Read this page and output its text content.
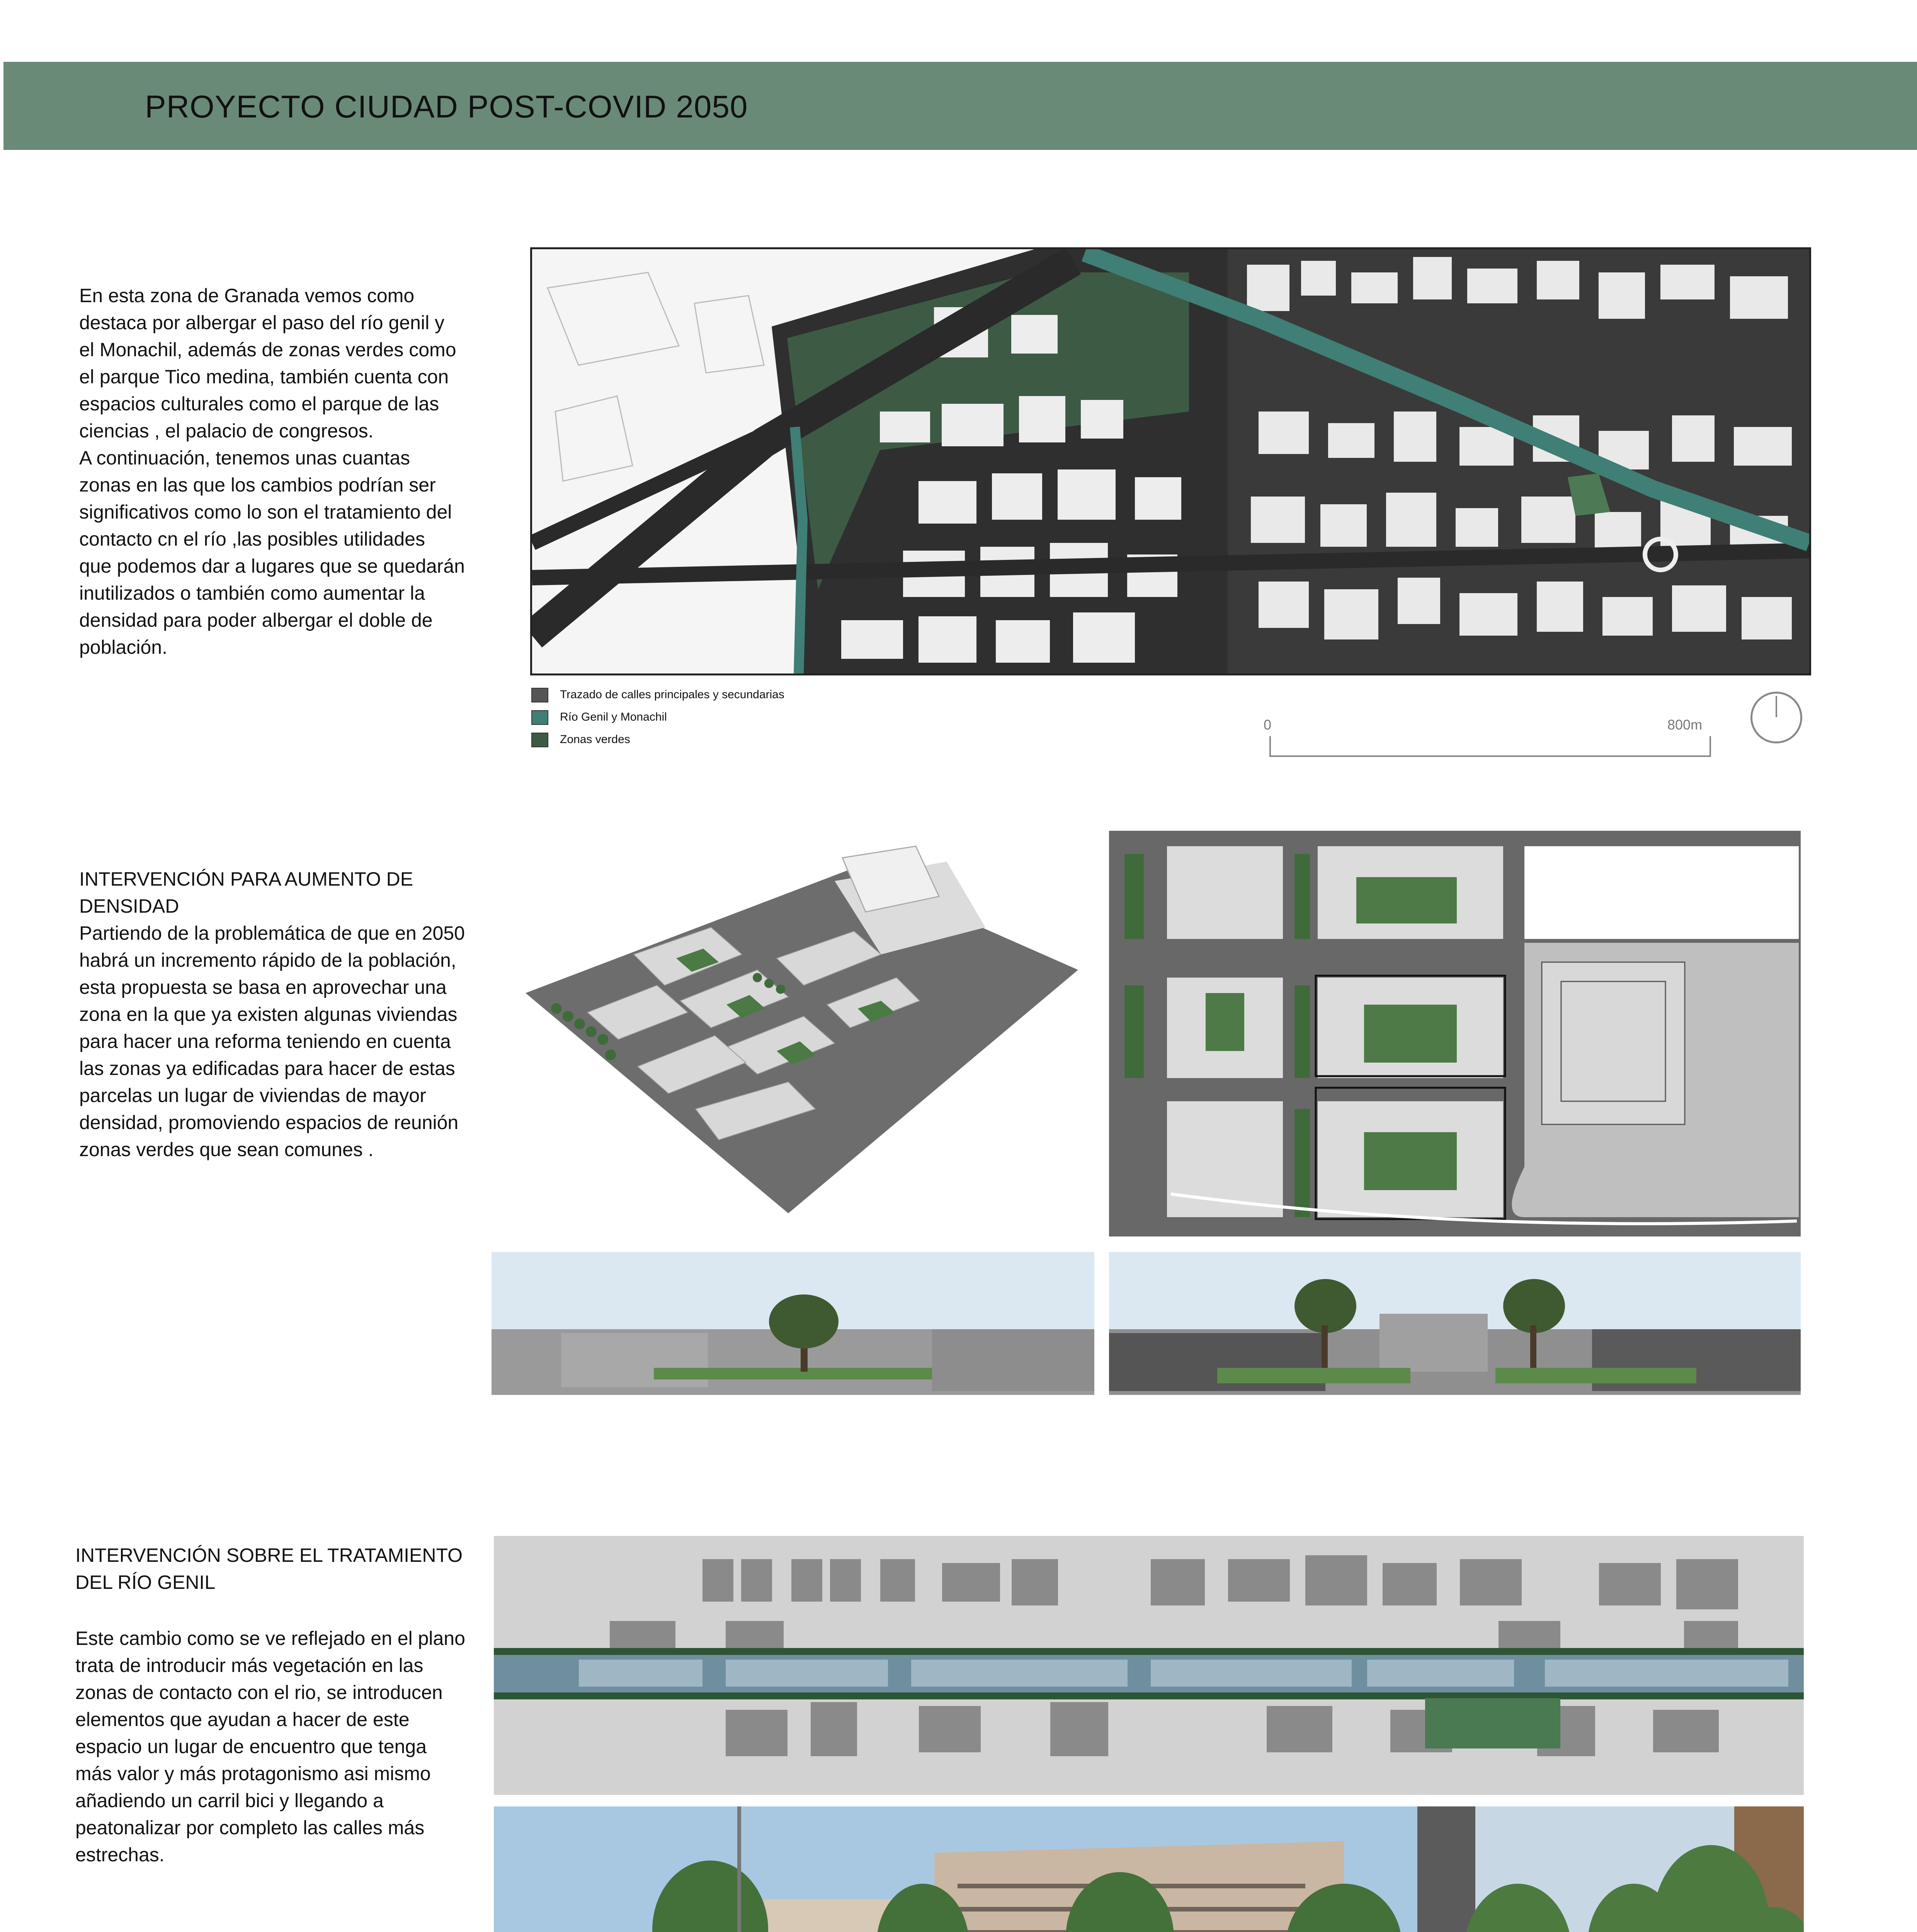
PROYECTO CIUDAD POST-COVID 2050
En esta zona de Granada vemos como
destaca por albergar el paso del río genil y
el Monachil, además de zonas verdes como
el parque Tico medina, también cuenta con
espacios culturales como el parque de las
ciencias , el palacio de congresos.
A continuación, tenemos unas cuantas
zonas en las que los cambios podrían ser
significativos como lo son el tratamiento del
contacto cn el río ,las posibles utilidades
que podemos dar a lugares que se quedarán
inutilizados o también como aumentar la
densidad para poder albergar el doble de
población.
Trazado de calles principales y secundarias
Río Genil y Monachil
Zonas verdes
0	800m
INTERVENCIÓN PARA AUMENTO DE
DENSIDAD
Partiendo de la problemática de que en 2050
habrá un incremento rápido de la población,
esta propuesta se basa en aprovechar una
zona en la que ya existen algunas viviendas
para hacer una reforma teniendo en cuenta
las zonas ya edificadas para hacer de estas
parcelas un lugar de viviendas de mayor
densidad, promoviendo espacios de reunión
zonas verdes que sean comunes .
INTERVENCIÓN SOBRE EL TRATAMIENTO
DEL RÍO GENIL
Este cambio como se ve reflejado en el plano
trata de introducir más vegetación en las
zonas de contacto con el rio, se introducen
elementos que ayudan a hacer de este
espacio un lugar de encuentro que tenga
más valor y más protagonismo asi mismo
añadiendo un carril bici y llegando a
peatonalizar por completo las calles más
estrechas.
